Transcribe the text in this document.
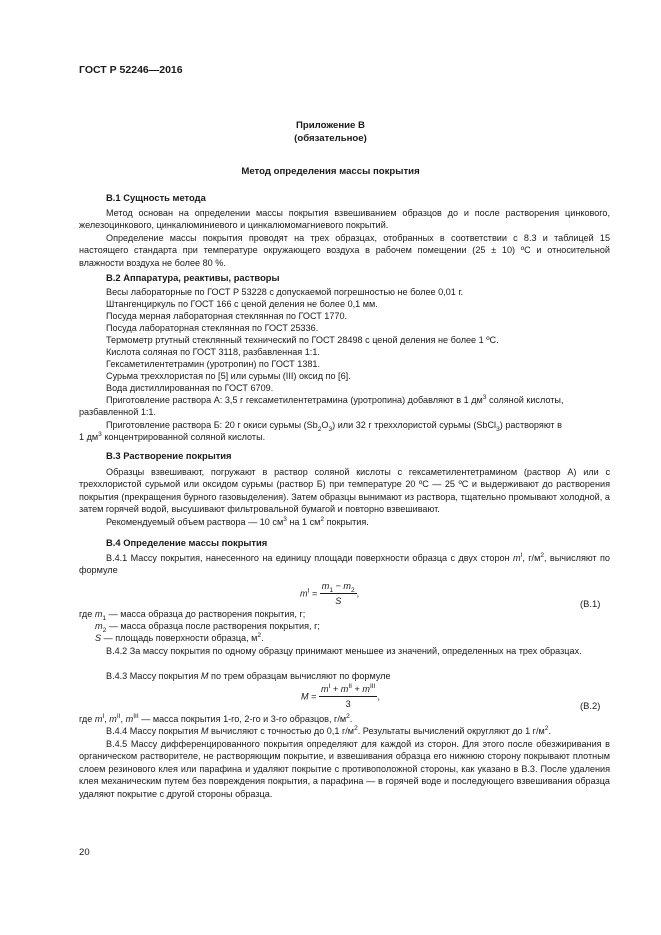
ГОСТ Р 52246—2016
Приложение В
(обязательное)
Метод определения массы покрытия
В.1 Сущность метода
Метод основан на определении массы покрытия взвешиванием образцов до и после растворения цинкового, железоцинкового, цинкалюминиевого и цинкалюмомагниевого покрытий.
Определение массы покрытия проводят на трех образцах, отобранных в соответствии с 8.3 и таблицей 15 настоящего стандарта при температуре окружающего воздуха в рабочем помещении (25 ± 10) ºС и относительной влажности воздуха не более 80 %.
В.2 Аппаратура, реактивы, растворы
Весы лабораторные по ГОСТ Р 53228 с допускаемой погрешностью не более 0,01 г.
Штангенциркуль по ГОСТ 166 с ценой деления не более 0,1 мм.
Посуда мерная лабораторная стеклянная по ГОСТ 1770.
Посуда лабораторная стеклянная по ГОСТ 25336.
Термометр ртутный стеклянный технический по ГОСТ 28498 с ценой деления не более 1 ºС.
Кислота соляная по ГОСТ 3118, разбавленная 1:1.
Гексаметилентетрамин (уротропин) по ГОСТ 1381.
Сурьма треххлористая по [5] или сурьмы (III) оксид по [6].
Вода дистиллированная по ГОСТ 6709.
Приготовление раствора А: 3,5 г гексаметилентетрамина (уротропина) добавляют в 1 $дм^3$ соляной кислоты,
разбавленной 1:1.
Приготовление раствора Б: 20 г окиси сурьмы $(Sb_2O_3)$ или 32 г треххлористой сурьмы (SbCl$_3$) растворяют в
1 $дм^3$ концентрированной соляной кислоты.
В.3 Растворение покрытия
Образцы взвешивают, погружают в раствор соляной кислоты с гексаметилентетрамином (раствор А) или с треххлористой сурьмой или оксидом сурьмы (раствор Б) при температуре 20 ºС — 25 ºС и выдерживают до растворения покрытия (прекращения бурного газовыделения). Затем образцы вынимают из раствора, тщательно промывают холодной, а затем горячей водой, высушивают фильтровальной бумагой и повторно взвешивают.
Рекомендуемый объем раствора — 10 $см^3$ на 1 $см^2$ покрытия.
В.4 Определение массы покрытия
В.4.1 Массу покрытия, нанесенного на единицу площади поверхности образца с двух сторон $m^I$, $г/м^2$, вычисляют по формуле
$m^I = \frac{m_1 - m_2}{S}$ ,
(В.1)
где $m_1$ — масса образца до растворения покрытия, г;
$m_2$ — масса образца после растворения покрытия, г;
S — площадь поверхности образца, $м^2$.
В.4.2 За массу покрытия по одному образцу принимают меньшее из значений, определенных на трех образцах.
В.4.3 Массу покрытия M по трем образцам вычисляют по формуле
$M = \frac{m^I + m^{II} + m^{III}}{3}$ ,
(В.2)
где $m^I$, $m^{II}$, $m^{III}$ — масса покрытия 1-го, 2-го и 3-го образцов, $г/м^2$.
В.4.4 Массу покрытия M вычисляют с точностью до 0,1 $г/м^2$. Результаты вычислений округляют до 1 $г/м^2$.
В.4.5 Массу дифференцированного покрытия определяют для каждой из сторон. Для этого после обезжиривания в органическом растворителе, не растворяющим покрытие, и взвешивания образца его нижнюю сторону покрывают плотным слоем резинового клея или парафина и удаляют покрытие с противоположной стороны, как указано в В.3. После удаления клея механическим путем без повреждения покрытия, а парафина — в горячей воде и последующего взвешивания образца удаляют покрытие с другой стороны образца.
20
